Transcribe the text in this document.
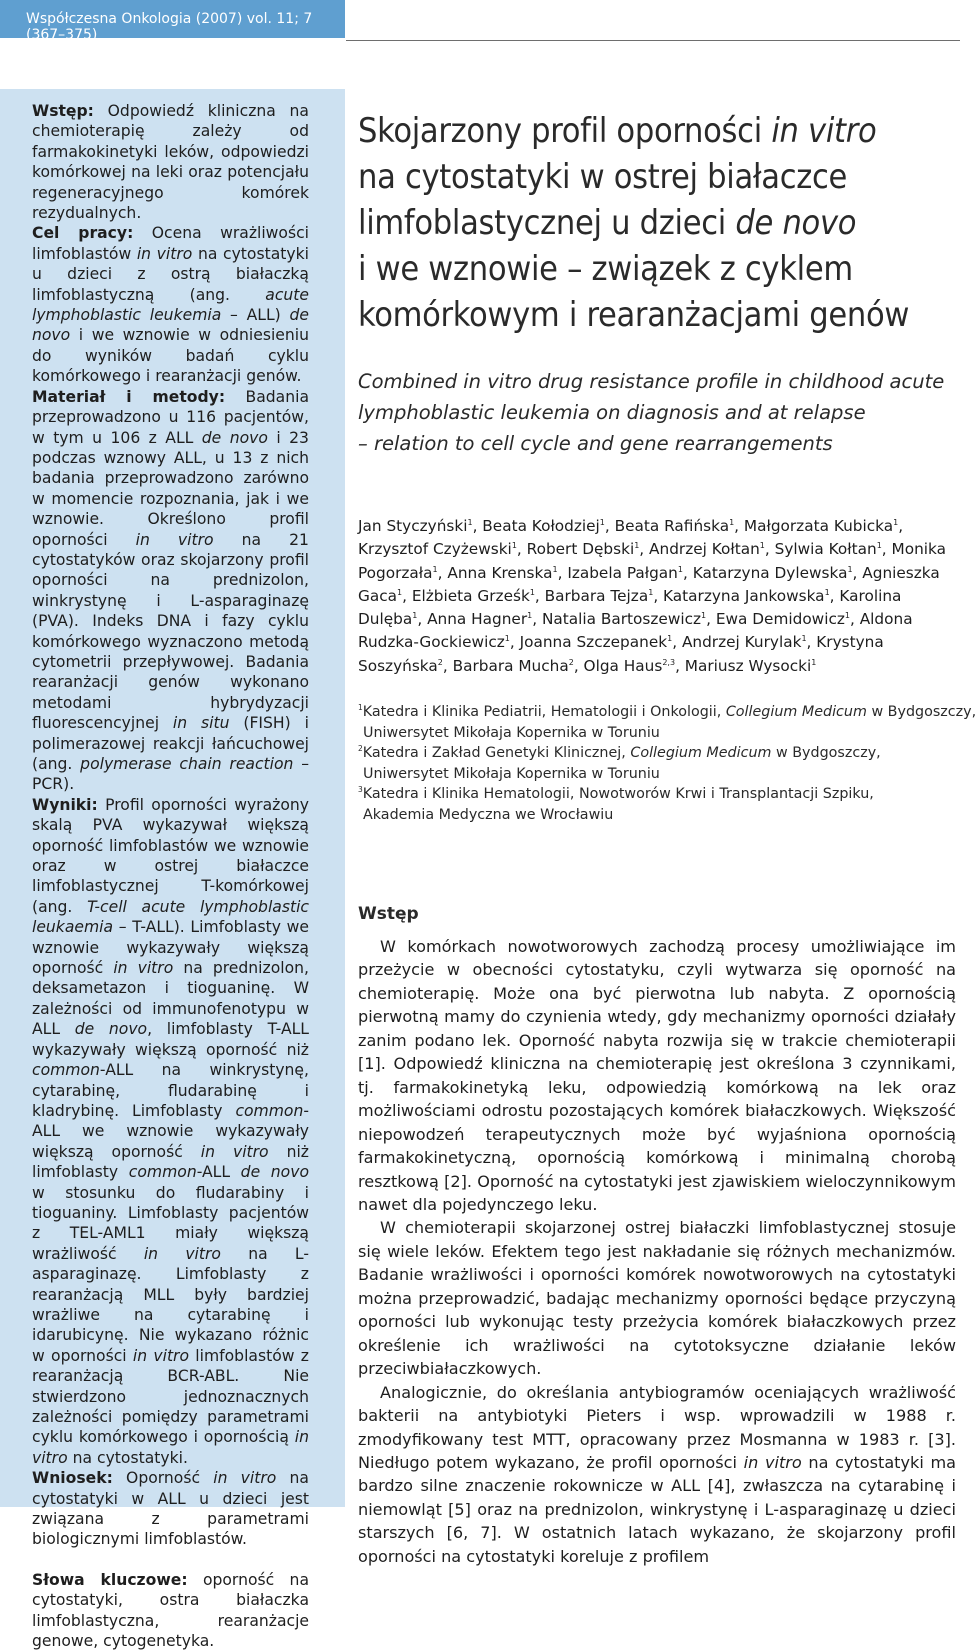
Współczesna Onkologia (2007) vol. 11; 7 (367–375)

Wstęp: Odpowiedź kliniczna na chemioterapię zależy od farmakokinetyki leków, odpowiedzi komórkowej na leki oraz potencjału regeneracyjnego komórek rezydualnych.

Cel pracy: Ocena wrażliwości limfoblastów in vitro na cytostatyki u dzieci z ostrą białaczką limfoblastyczną (ang. acute lymphoblastic leukemia – ALL) de novo i we wznowie w odniesieniu do wyników badań cyklu komórkowego i rearanżacji genów.

Materiał i metody: Badania przeprowadzono u 116 pacjentów, w tym u 106 z ALL de novo i 23 podczas wznowy ALL, u 13 z nich badania przeprowadzono zarówno w momencie rozpoznania, jak i we wznowie. Określono profil oporności in vitro na 21 cytostatyków oraz skojarzony profil oporności na prednizolon, winkrystynę i L-asparaginazę (PVA). Indeks DNA i fazy cyklu komórkowego wyznaczono metodą cytometrii przepływowej. Badania rearanżacji genów wykonano metodami hybrydyzacji fluorescencyjnej in situ (FISH) i polimerazowej reakcji łańcuchowej (ang. polymerase chain reaction – PCR).

Wyniki: Profil oporności wyrażony skalą PVA wykazywał większą oporność limfoblastów we wznowie oraz w ostrej białaczce limfoblastycznej T-komórkowej (ang. T-cell acute lymphoblastic leukaemia – T-ALL). Limfoblasty we wznowie wykazywały większą oporność in vitro na prednizolon, deksametazon i tioguaninę. W zależności od immunofenotypu w ALL de novo, limfoblasty T-ALL wykazywały większą oporność niż common-ALL na winkrystynę, cytarabinę, fludarabinę i kladrybinę. Limfoblasty common-ALL we wznowie wykazywały większą oporność in vitro niż limfoblasty common-ALL de novo w stosunku do fludarabiny i tioguaniny. Limfoblasty pacjentów z TEL-AML1 miały większą wrażliwość in vitro na L-asparaginazę. Limfoblasty z rearanżacją MLL były bardziej wrażliwe na cytarabinę i idarubicynę. Nie wykazano różnic w oporności in vitro limfoblastów z rearanżacją BCR-ABL. Nie stwierdzono jednoznacznych zależności pomiędzy parametrami cyklu komórkowego i opornością in vitro na cytostatyki.

Wniosek: Oporność in vitro na cytostatyki w ALL u dzieci jest związana z parametrami biologicznymi limfoblastów.

Słowa kluczowe: oporność na cytostatyki, ostra białaczka limfoblastyczna, rearanżacje genowe, cytogenetyka.

Skojarzony profil oporności in vitro
na cytostatyki w ostrej białaczce
limfoblastycznej u dzieci de novo
i we wznowie – związek z cyklem
komórkowym i rearanżacjami genów
Combined in vitro drug resistance profile in childhood acute
lymphoblastic leukemia on diagnosis and at relapse
– relation to cell cycle and gene rearrangements
Jan Styczyński$^1$, Beata Kołodziej$^1$, Beata Rafińska$^1$, Małgorzata Kubicka$^1$, Krzysztof Czyżewski$^1$, Robert Dębski$^1$, Andrzej Kołtan$^1$, Sylwia Kołtan$^1$, Monika Pogorzała$^1$, Anna Krenska$^1$, Izabela Pałgan$^1$, Katarzyna Dylewska$^1$, Agnieszka Gaca$^1$, Elżbieta Grześk$^1$, Barbara Tejza$^1$, Katarzyna Jankowska$^1$, Karolina Dulęba$^1$, Anna Hagner$^1$, Natalia Bartoszewicz$^1$, Ewa Demidowicz$^1$, Aldona Rudzka-Gockiewicz$^1$, Joanna Szczepanek$^1$, Andrzej Kurylak$^1$, Krystyna Soszyńska$^2$, Barbara Mucha$^2$, Olga Haus$^{2,3}$, Mariusz Wysocki$^1$
$^1$Katedra i Klinika Pediatrii, Hematologii i Onkologii, Collegium Medicum w Bydgoszczy,
Uniwersytet Mikołaja Kopernika w Toruniu
$^2$Katedra i Zakład Genetyki Klinicznej, Collegium Medicum w Bydgoszczy,
Uniwersytet Mikołaja Kopernika w Toruniu
$^3$Katedra i Klinika Hematologii, Nowotworów Krwi i Transplantacji Szpiku,
Akademia Medyczna we Wrocławiu
Wstęp

W komórkach nowotworowych zachodzą procesy umożliwiające im przeżycie w obecności cytostatyku, czyli wytwarza się oporność na chemioterapię. Może ona być pierwotna lub nabyta. Z opornością pierwotną mamy do czynienia wtedy, gdy mechanizmy oporności działały zanim podano lek. Oporność nabyta rozwija się w trakcie chemioterapii [1]. Odpowiedź kliniczna na chemioterapię jest określona 3 czynnikami, tj. farmakokinetyką leku, odpowiedzią komórkową na lek oraz możliwościami odrostu pozostających komórek białaczkowych. Większość niepowodzeń terapeutycznych może być wyjaśniona opornością farmakokinetyczną, opornością komórkową i minimalną chorobą resztkową [2]. Oporność na cytostatyki jest zjawiskiem wieloczynnikowym nawet dla pojedynczego leku.

W chemioterapii skojarzonej ostrej białaczki limfoblastycznej stosuje się wiele leków. Efektem tego jest nakładanie się różnych mechanizmów. Badanie wrażliwości i oporności komórek nowotworowych na cytostatyki można przeprowadzić, badając mechanizmy oporności będące przyczyną oporności lub wykonując testy przeżycia komórek białaczkowych przez określenie ich wrażliwości na cytotoksyczne działanie leków przeciwbiałaczkowych.

Analogicznie, do określania antybiogramów oceniających wrażliwość bakterii na antybiotyki Pieters i wsp. wprowadzili w 1988 r. zmodyfikowany test MTT, opracowany przez Mosmanna w 1983 r. [3]. Niedługo potem wykazano, że profil oporności in vitro na cytostatyki ma bardzo silne znaczenie rokownicze w ALL [4], zwłaszcza na cytarabinę i niemowląt [5] oraz na prednizolon, winkrystynę i L-asparaginazę u dzieci starszych [6, 7]. W ostatnich latach wykazano, że skojarzony profil oporności na cytostatyki koreluje z profilem
